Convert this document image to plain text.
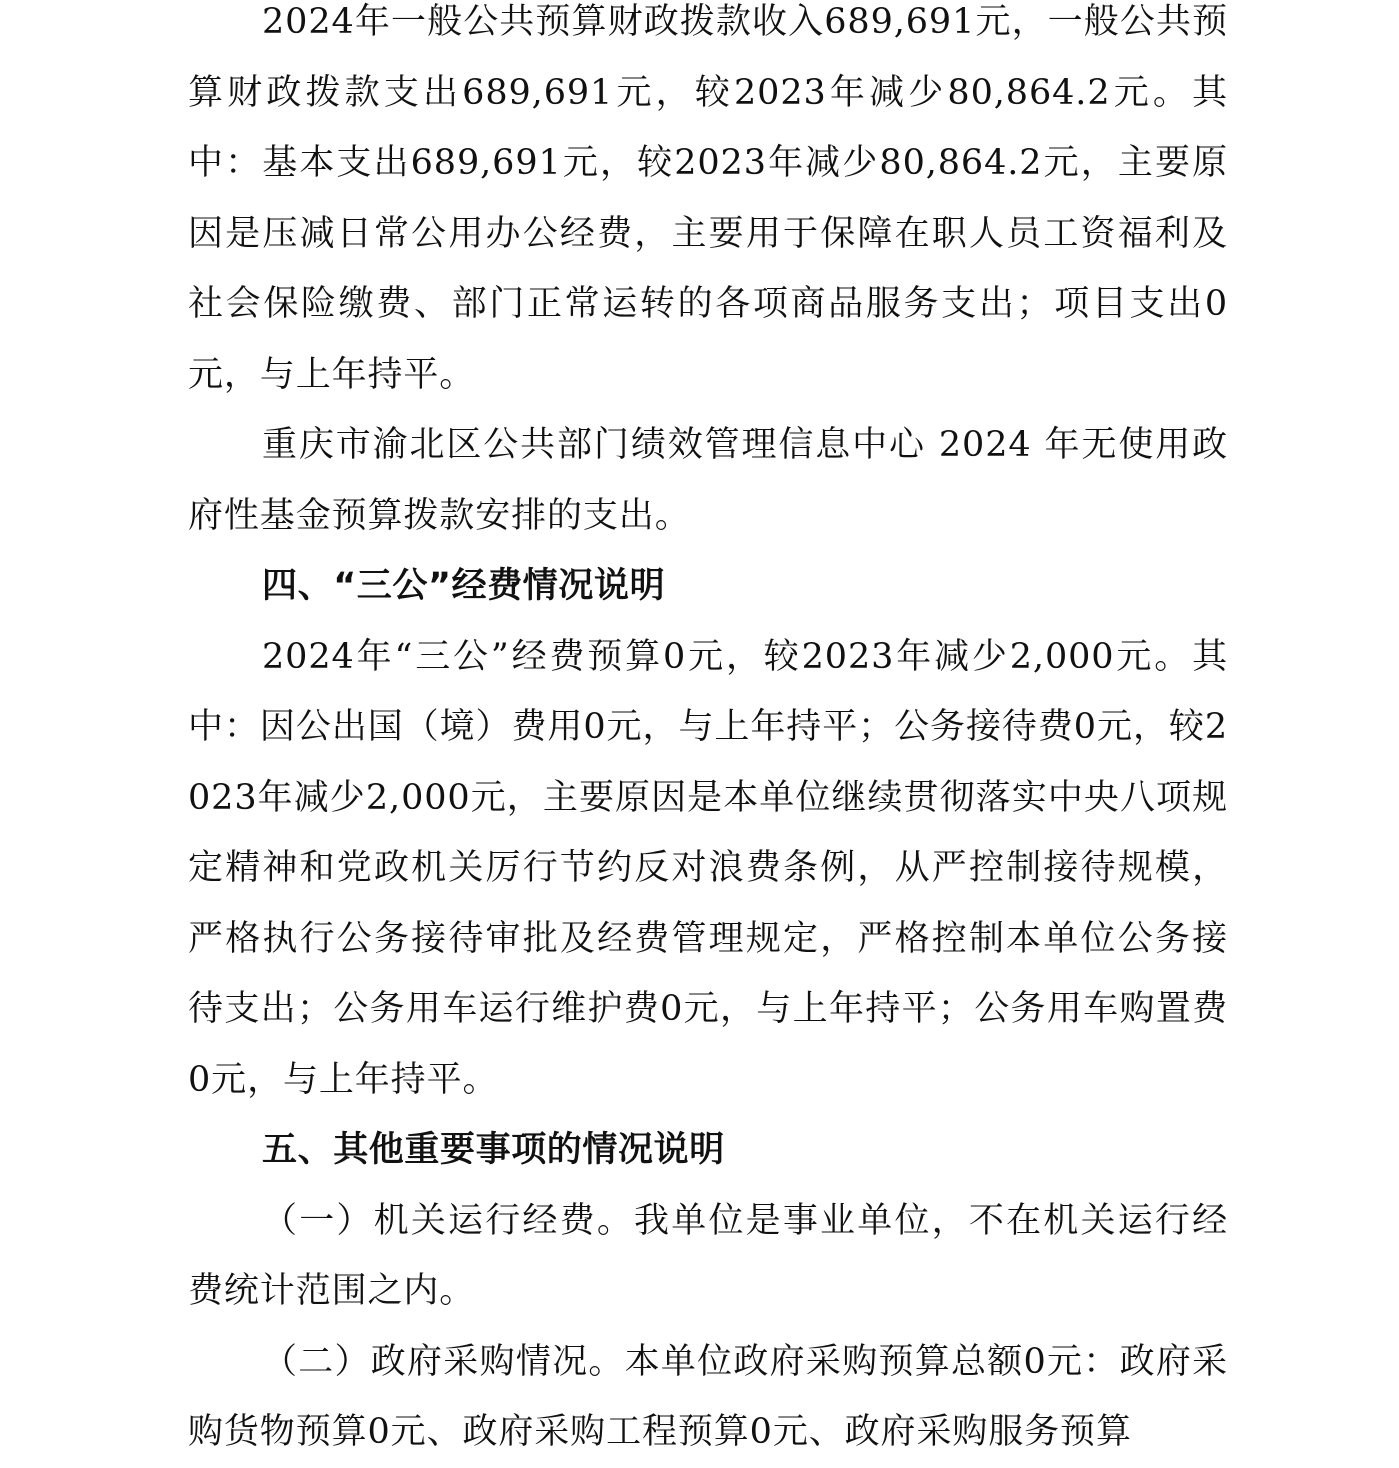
2024年一般公共预算财政拨款收入689,691元，一般公共预算财政拨款支出689,691元，较2023年减少80,864.2元。其中：基本支出689,691元，较2023年减少80,864.2元，主要原因是压减日常公用办公经费，主要用于保障在职人员工资福利及社会保险缴费、部门正常运转的各项商品服务支出；项目支出0元，与上年持平。

重庆市渝北区公共部门绩效管理信息中心 2024 年无使用政府性基金预算拨款安排的支出。

四、“三公”经费情况说明

2024年“三公”经费预算0元，较2023年减少2,000元。其中：因公出国（境）费用0元，与上年持平；公务接待费0元，较2023年减少2,000元，主要原因是本单位继续贯彻落实中央八项规定精神和党政机关厉行节约反对浪费条例，从严控制接待规模，严格执行公务接待审批及经费管理规定，严格控制本单位公务接待支出；公务用车运行维护费0元，与上年持平；公务用车购置费0元，与上年持平。

五、其他重要事项的情况说明

（一）机关运行经费。我单位是事业单位，不在机关运行经费统计范围之内。

（二）政府采购情况。本单位政府采购预算总额0元：政府采购货物预算0元、政府采购工程预算0元、政府采购服务预算
